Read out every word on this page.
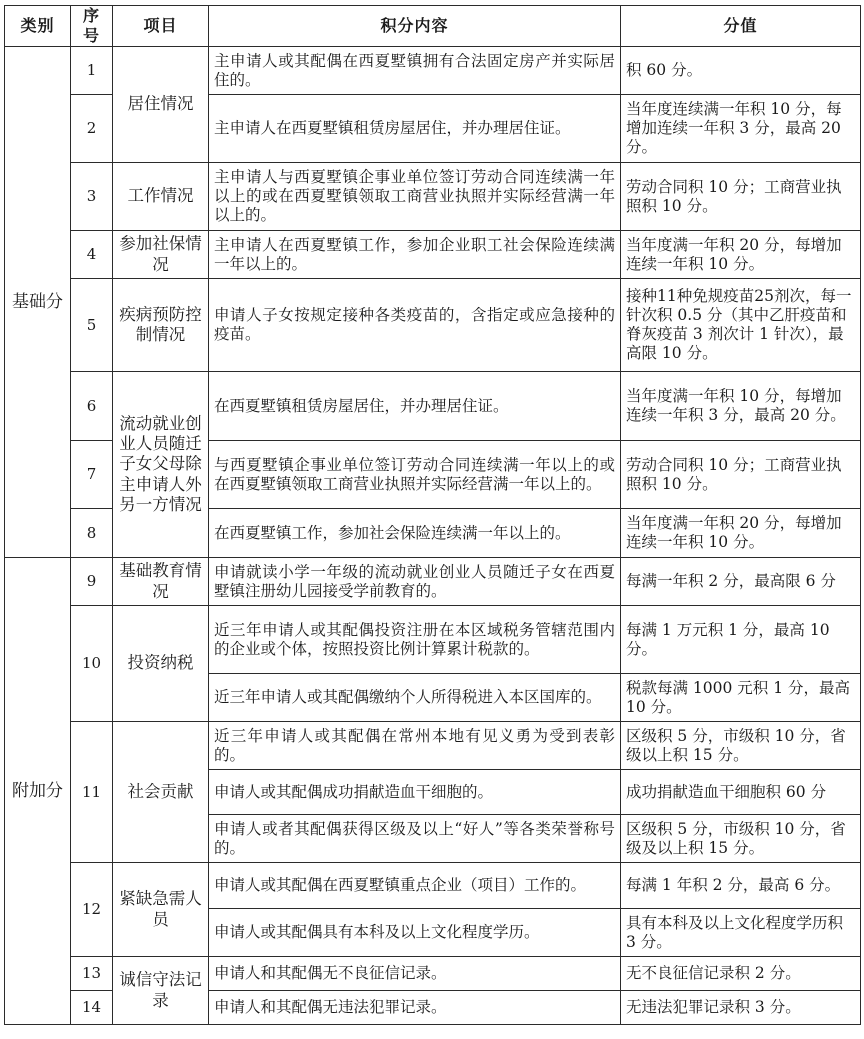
类别	序号	项目	积分内容	分值
基础分	1	居住情况	主申请人或其配偶在西夏墅镇拥有合法固定房产并实际居住的。	积 60 分。
	2		主申请人在西夏墅镇租赁房屋居住，并办理居住证。	当年度连续满一年积 10 分，每增加连续一年积 3 分，最高 20 分。
	3	工作情况	主申请人与西夏墅镇企事业单位签订劳动合同连续满一年以上的或在西夏墅镇领取工商营业执照并实际经营满一年以上的。	劳动合同积 10 分；工商营业执照积 10 分。
	4	参加社保情况	主申请人在西夏墅镇工作，参加企业职工社会保险连续满一年以上的。	当年度满一年积 20 分，每增加连续一年积 10 分。
	5	疾病预防控制情况	申请人子女按规定接种各类疫苗的，含指定或应急接种的疫苗。	接种11种免规疫苗25剂次，每一针次积 0.5 分（其中乙肝疫苗和脊灰疫苗 3 剂次计 1 针次），最高限 10 分。
	6	流动就业创业人员随迁子女父母除主申请人外另一方情况	在西夏墅镇租赁房屋居住，并办理居住证。	当年度满一年积 10 分，每增加连续一年积 3 分，最高 20 分。
	7		与西夏墅镇企事业单位签订劳动合同连续满一年以上的或在西夏墅镇领取工商营业执照并实际经营满一年以上的。	劳动合同积 10 分；工商营业执照积 10 分。
	8		在西夏墅镇工作，参加社会保险连续满一年以上的。	当年度满一年积 20 分，每增加连续一年积 10 分。
附加分	9	基础教育情况	申请就读小学一年级的流动就业创业人员随迁子女在西夏墅镇注册幼儿园接受学前教育的。	每满一年积 2 分，最高限 6 分
	10	投资纳税	近三年申请人或其配偶投资注册在本区域税务管辖范围内的企业或个体，按照投资比例计算累计税款的。	每满 1 万元积 1 分，最高 10 分。
			近三年申请人或其配偶缴纳个人所得税进入本区国库的。	税款每满 1000 元积 1 分，最高 10 分。
	11	社会贡献	近三年申请人或其配偶在常州本地有见义勇为受到表彰的。	区级积 5 分，市级积 10 分，省级以上积 15 分。
			申请人或其配偶成功捐献造血干细胞的。	成功捐献造血干细胞积 60 分
			申请人或者其配偶获得区级及以上“好人”等各类荣誉称号的。	区级积 5 分，市级积 10 分，省级及以上积 15 分。
	12	紧缺急需人员	申请人或其配偶在西夏墅镇重点企业（项目）工作的。	每满 1 年积 2 分，最高 6 分。
			申请人或其配偶具有本科及以上文化程度学历。	具有本科及以上文化程度学历积 3 分。
	13	诚信守法记录	申请人和其配偶无不良征信记录。	无不良征信记录积 2 分。
	14		申请人和其配偶无违法犯罪记录。	无违法犯罪记录积 3 分。
